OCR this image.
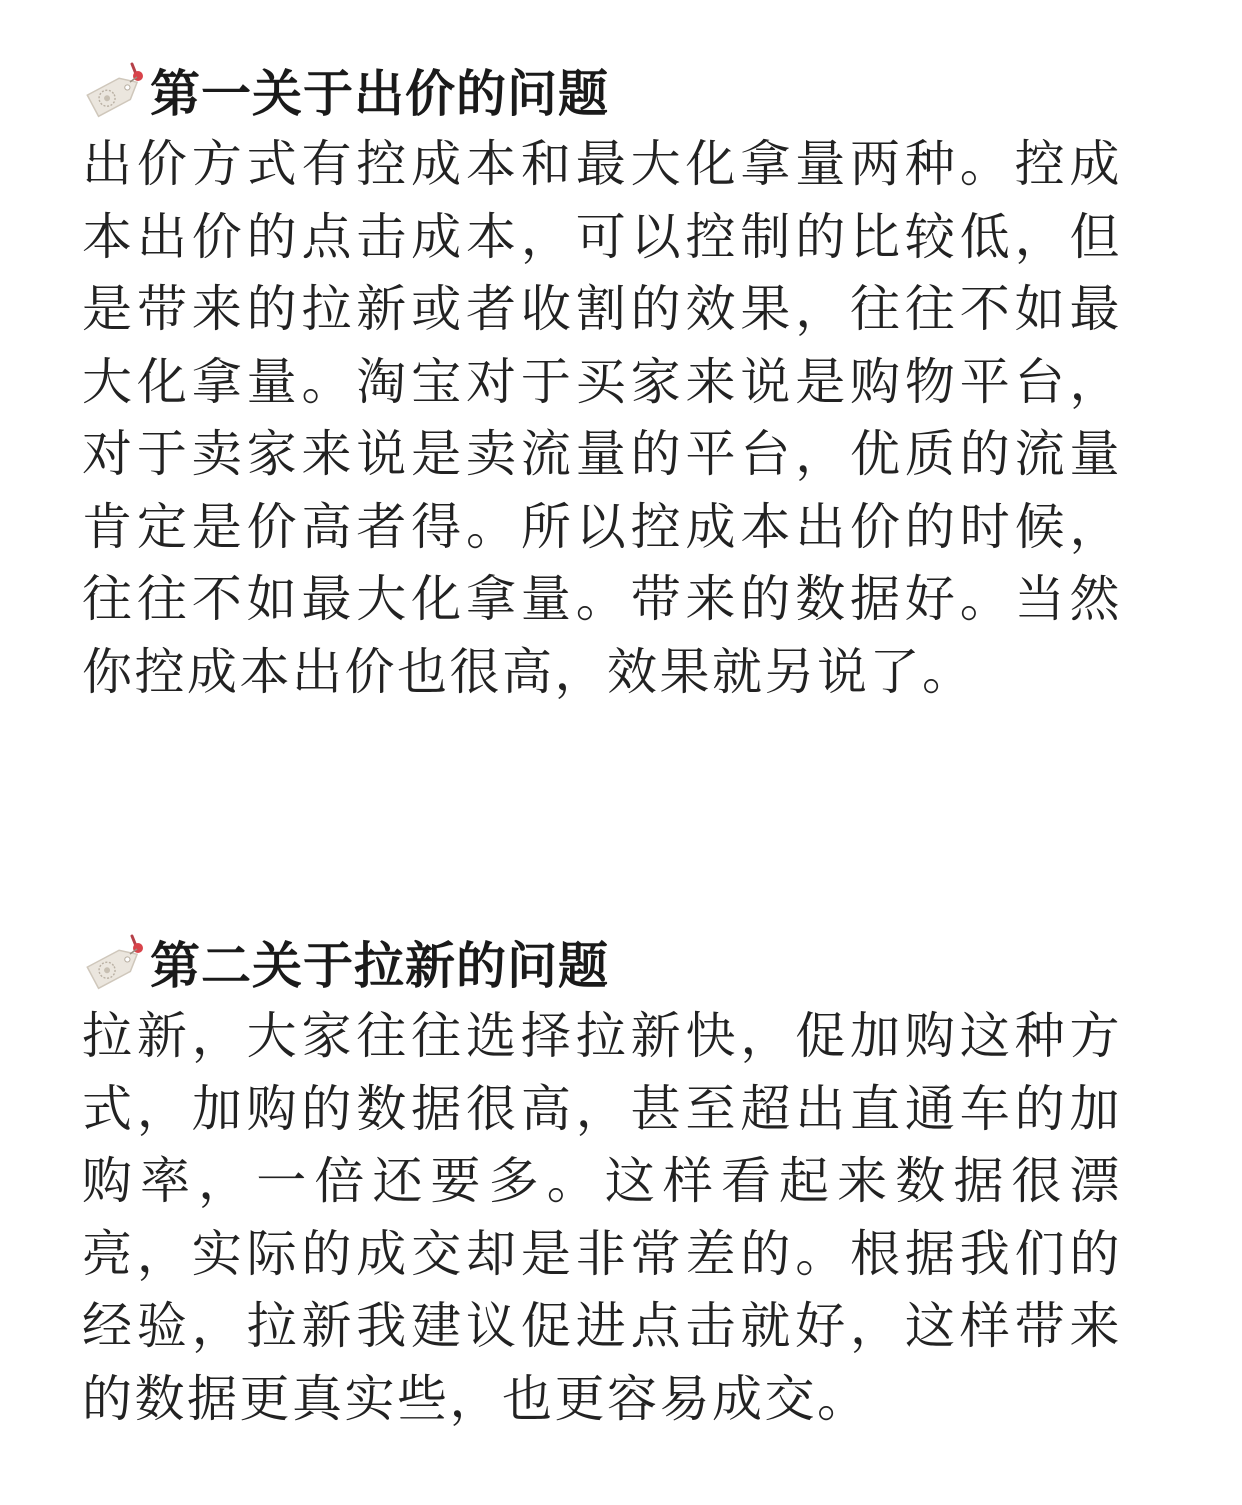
第一关于出价的问题

出价方式有控成本和最大化拿量两种。控成本出价的点击成本，可以控制的比较低，但是带来的拉新或者收割的效果，往往不如最大化拿量。淘宝对于买家来说是购物平台，对于卖家来说是卖流量的平台，优质的流量肯定是价高者得。所以控成本出价的时候，往往不如最大化拿量。带来的数据好。当然你控成本出价也很高，效果就另说了。

第二关于拉新的问题

拉新，大家往往选择拉新快，促加购这种方式，加购的数据很高，甚至超出直通车的加购率，一倍还要多。这样看起来数据很漂亮，实际的成交却是非常差的。根据我们的经验，拉新我建议促进点击就好，这样带来的数据更真实些，也更容易成交。
